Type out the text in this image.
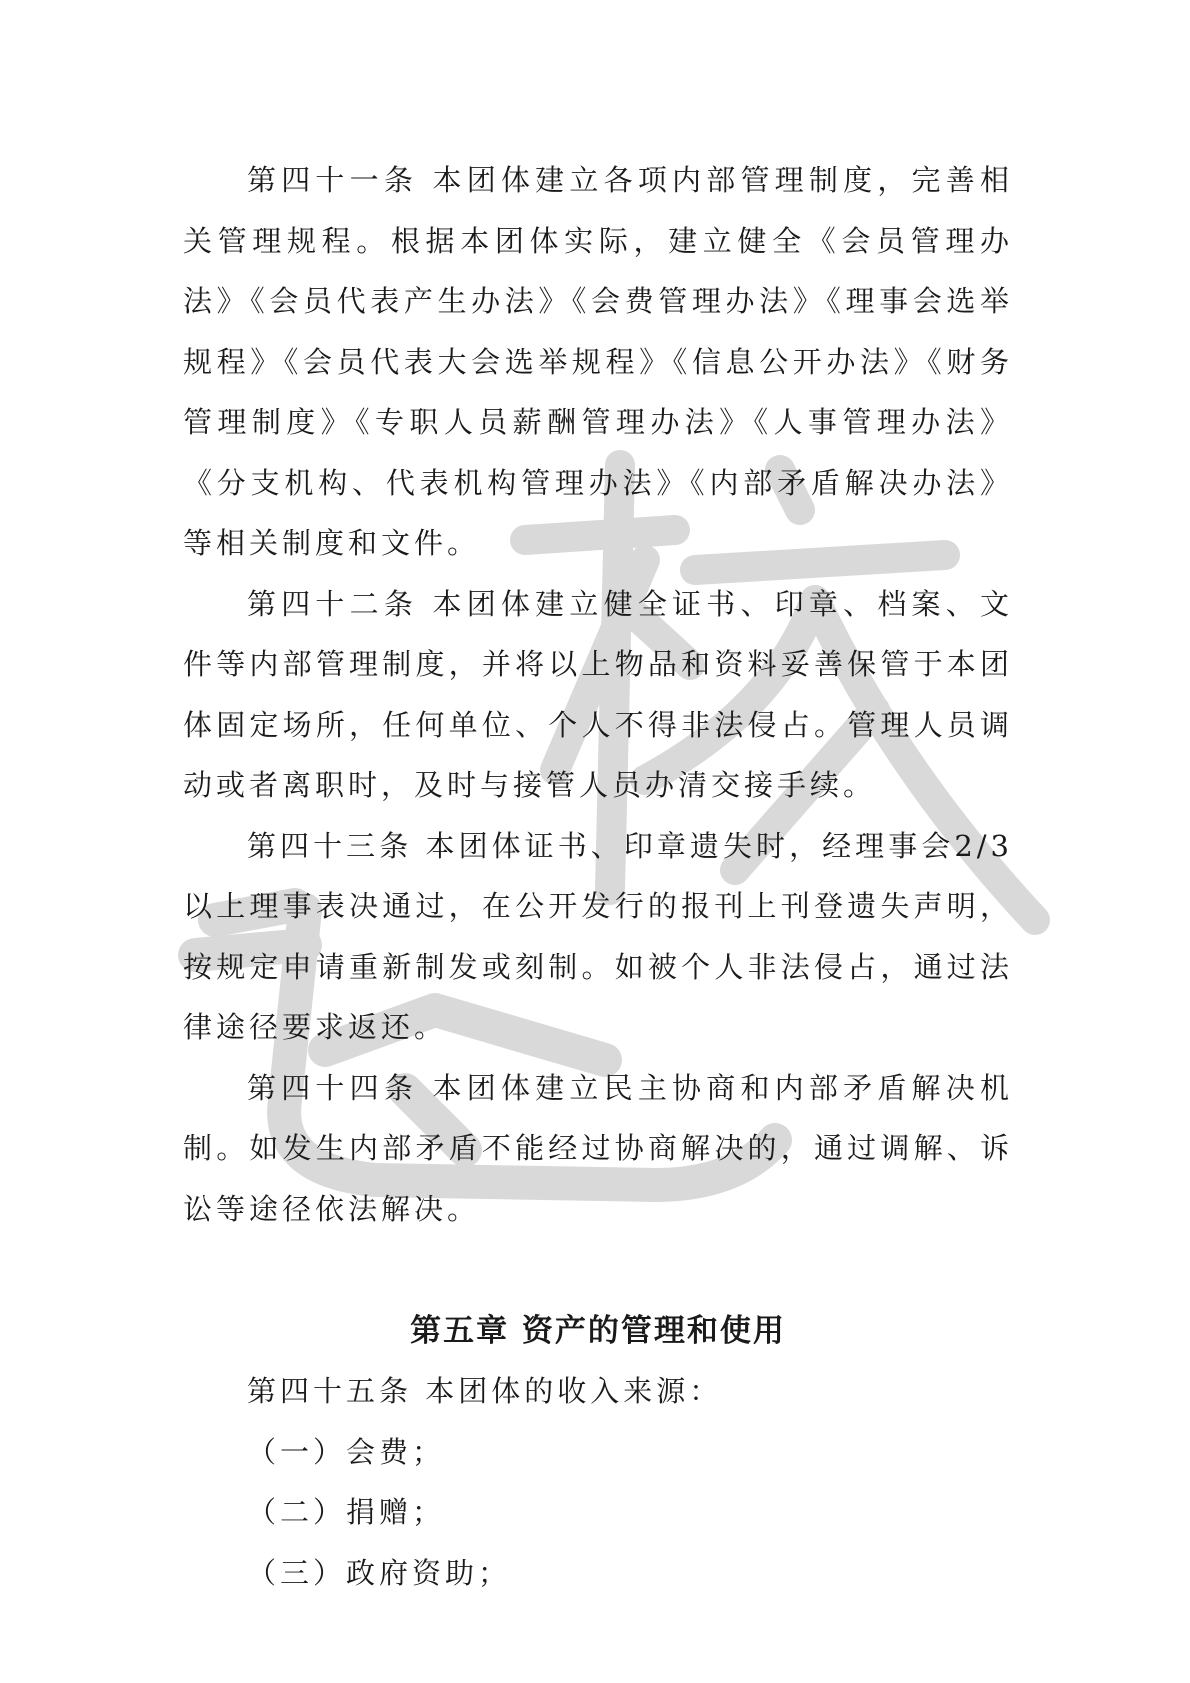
第四十一条 本团体建立各项内部管理制度，完善相关管理规程。根据本团体实际，建立健全《会员管理办法》《会员代表产生办法》《会费管理办法》《理事会选举规程》《会员代表大会选举规程》《信息公开办法》《财务管理制度》《专职人员薪酬管理办法》《人事管理办法》《分支机构、代表机构管理办法》《内部矛盾解决办法》等相关制度和文件。

第四十二条 本团体建立健全证书、印章、档案、文件等内部管理制度，并将以上物品和资料妥善保管于本团体固定场所，任何单位、个人不得非法侵占。管理人员调动或者离职时，及时与接管人员办清交接手续。

第四十三条 本团体证书、印章遗失时，经理事会2/3以上理事表决通过，在公开发行的报刊上刊登遗失声明，按规定申请重新制发或刻制。如被个人非法侵占，通过法律途径要求返还。

第四十四条 本团体建立民主协商和内部矛盾解决机制。如发生内部矛盾不能经过协商解决的，通过调解、诉讼等途径依法解决。

第五章 资产的管理和使用

第四十五条 本团体的收入来源：

（一）会费；

（二）捐赠；

（三）政府资助；
